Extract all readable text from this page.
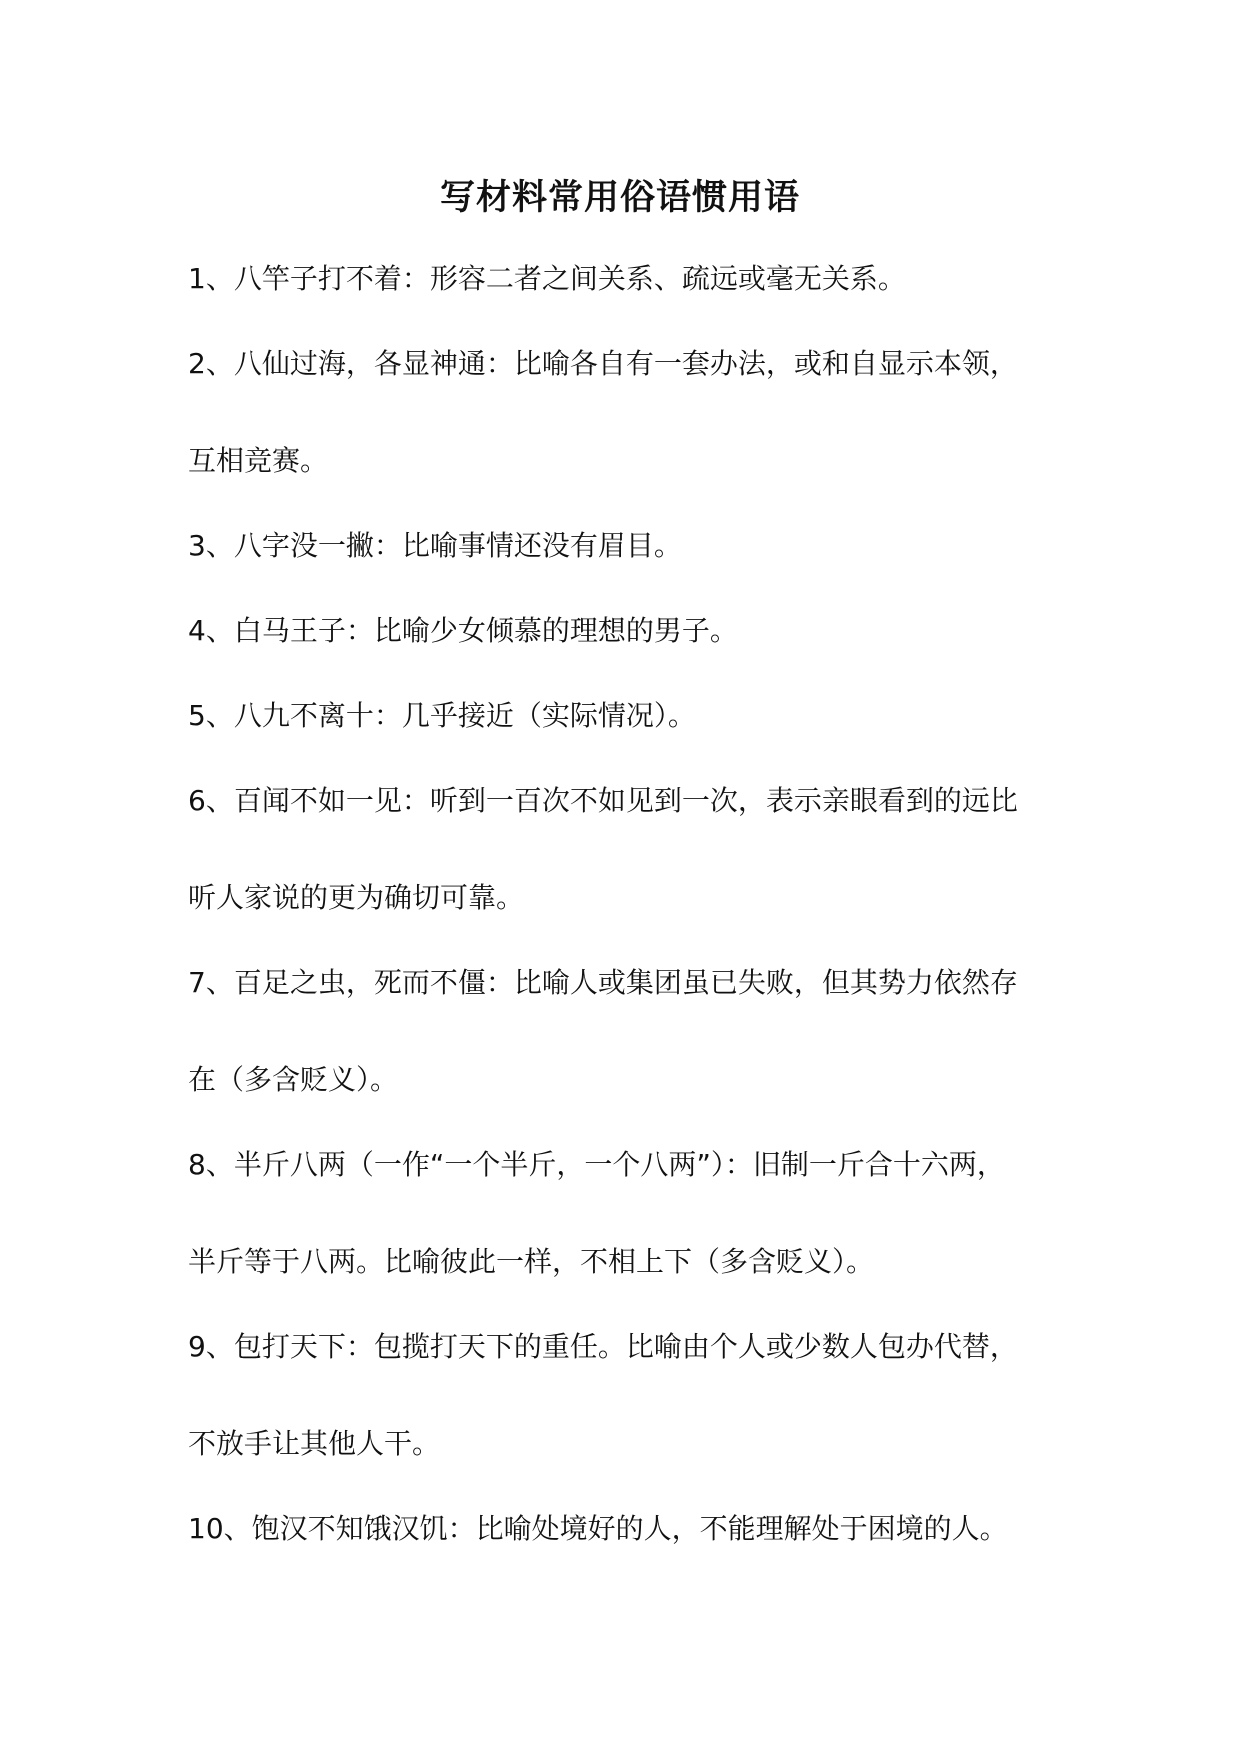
写材料常用俗语惯用语
1、八竿子打不着：形容二者之间关系、疏远或毫无关系。
2、八仙过海，各显神通：比喻各自有一套办法，或和自显示本领，
互相竞赛。
3、八字没一撇：比喻事情还没有眉目。
4、白马王子：比喻少女倾慕的理想的男子。
5、八九不离十：几乎接近（实际情况）。
6、百闻不如一见：听到一百次不如见到一次，表示亲眼看到的远比
听人家说的更为确切可靠。
7、百足之虫，死而不僵：比喻人或集团虽已失败，但其势力依然存
在（多含贬义）。
8、半斤八两（一作“一个半斤，一个八两”）：旧制一斤合十六两，
半斤等于八两。比喻彼此一样，不相上下（多含贬义）。
9、包打天下：包揽打天下的重任。比喻由个人或少数人包办代替，
不放手让其他人干。
10、饱汉不知饿汉饥：比喻处境好的人，不能理解处于困境的人。
